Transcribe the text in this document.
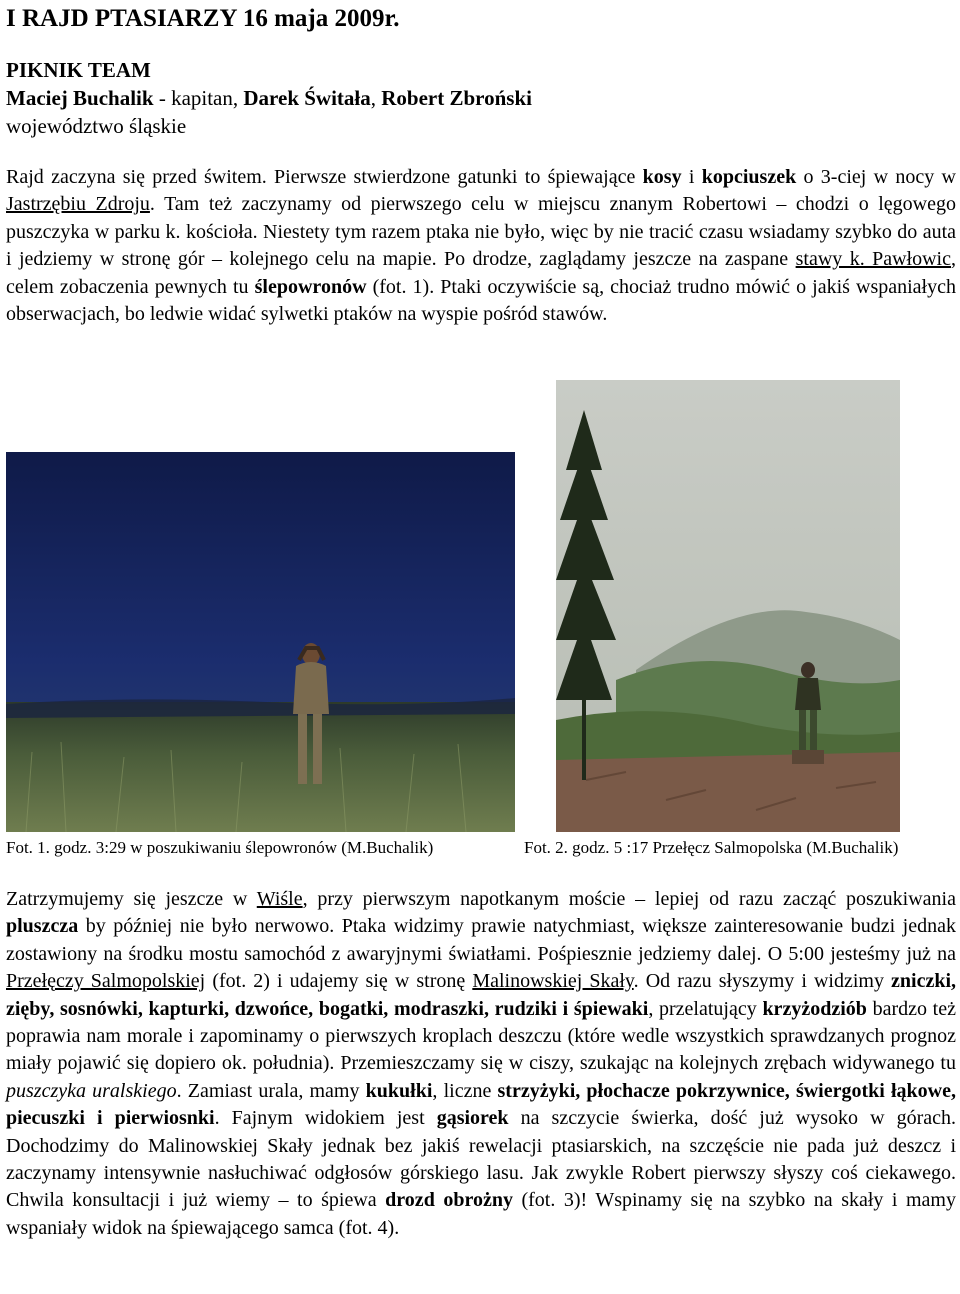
I RAJD PTASIARZY 16 maja 2009r.
PIKNIK TEAM
Maciej Buchalik - kapitan, Darek Świtała, Robert Zbroński
województwo śląskie

Rajd zaczyna się przed świtem. Pierwsze stwierdzone gatunki to śpiewające kosy i kopciuszek o 3-ciej w nocy w Jastrzębiu Zdroju. Tam też zaczynamy od pierwszego celu w miejscu znanym Robertowi – chodzi o lęgowego puszczyka w parku k. kościoła. Niestety tym razem ptaka nie było, więc by nie tracić czasu wsiadamy szybko do auta i jedziemy w stronę gór – kolejnego celu na mapie. Po drodze, zaglądamy jeszcze na zaspane stawy k. Pawłowic, celem zobaczenia pewnych tu ślepowronów (fot. 1). Ptaki oczywiście są, chociaż trudno mówić o jakiś wspaniałych obserwacjach, bo ledwie widać sylwetki ptaków na wyspie pośród stawów.

Fot. 1. godz. 3:29 w poszukiwaniu ślepowronów (M.Buchalik)	Fot. 2. godz. 5 :17 Przełęcz Salmopolska (M.Buchalik)

Zatrzymujemy się jeszcze w Wiśle, przy pierwszym napotkanym moście – lepiej od razu zacząć poszukiwania pluszcza by później nie było nerwowo. Ptaka widzimy prawie natychmiast, większe zainteresowanie budzi jednak zostawiony na środku mostu samochód z awaryjnymi światłami. Pośpiesznie jedziemy dalej. O 5:00 jesteśmy już na Przełęczy Salmopolskiej (fot. 2) i udajemy się w stronę Malinowskiej Skały. Od razu słyszymy i widzimy zniczki, zięby, sosnówki, kapturki, dzwońce, bogatki, modraszki, rudziki i śpiewaki, przelatujący krzyżodziób bardzo też poprawia nam morale i zapominamy o pierwszych kroplach deszczu (które wedle wszystkich sprawdzanych prognoz miały pojawić się dopiero ok. południa). Przemieszczamy się w ciszy, szukając na kolejnych zrębach widywanego tu puszczyka uralskiego. Zamiast urala, mamy kukułki, liczne strzyżyki, płochacze pokrzywnice, świergotki łąkowe, piecuszki i pierwiosnki. Fajnym widokiem jest gąsiorek na szczycie świerka, dość już wysoko w górach. Dochodzimy do Malinowskiej Skały jednak bez jakiś rewelacji ptasiarskich, na szczęście nie pada już deszcz i zaczynamy intensywnie nasłuchiwać odgłosów górskiego lasu. Jak zwykle Robert pierwszy słyszy coś ciekawego. Chwila konsultacji i już wiemy – to śpiewa drozd obrożny (fot. 3)! Wspinamy się na szybko na skały i mamy wspaniały widok na śpiewającego samca (fot. 4).
